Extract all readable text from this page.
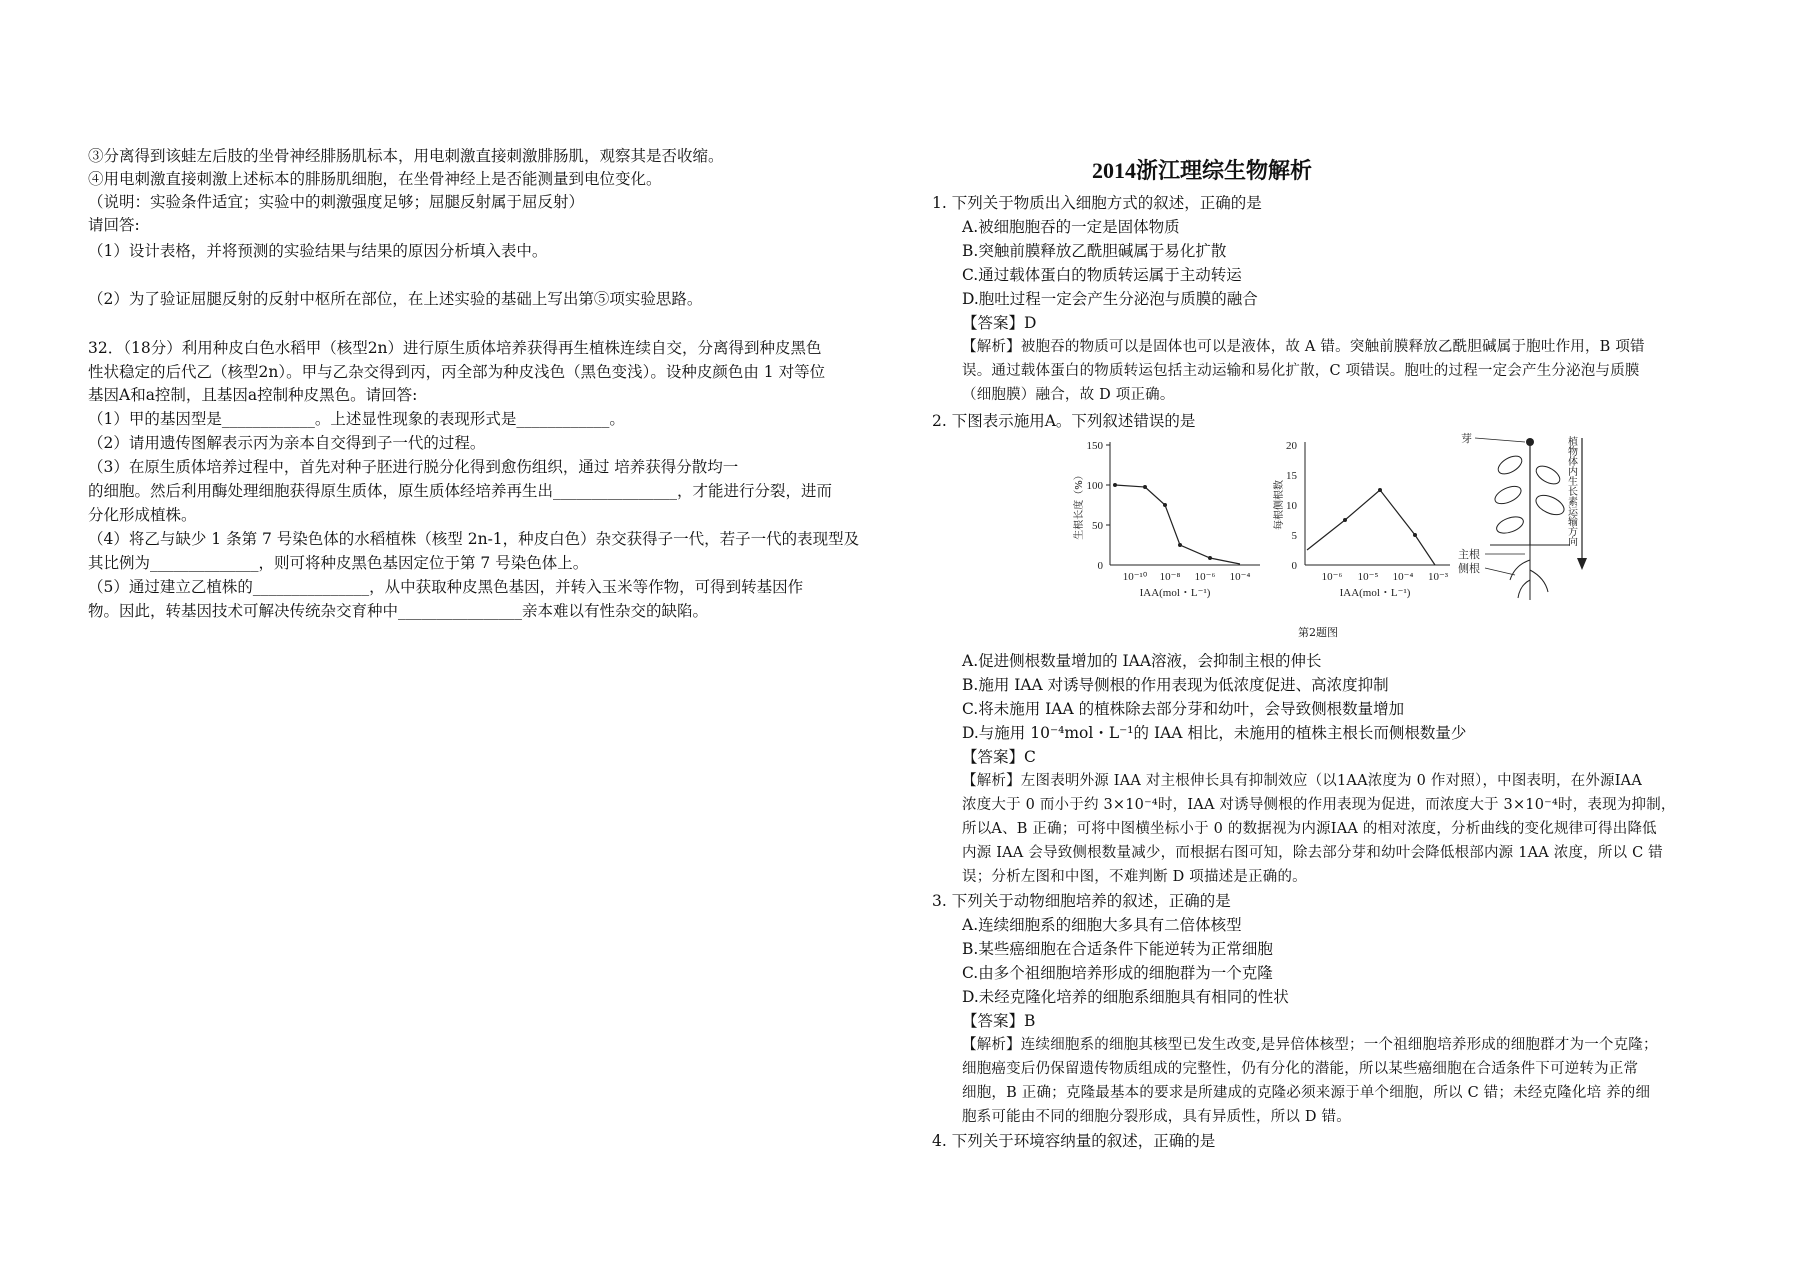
③分离得到该蛙左后肢的坐骨神经腓肠肌标本，用电刺激直接刺激腓肠肌，观察其是否收缩。
④用电刺激直接刺激上述标本的腓肠肌细胞，在坐骨神经上是否能测量到电位变化。
（说明：实验条件适宜；实验中的刺激强度足够；屈腿反射属于屈反射）
请回答:
（1）设计表格，并将预测的实验结果与结果的原因分析填入表中。
（2）为了验证屈腿反射的反射中枢所在部位，在上述实验的基础上写出第⑤项实验思路。
32．（18分）利用种皮白色水稻甲（核型2n）进行原生质体培养获得再生植株连续自交，分离得到种皮黑色
性状稳定的后代乙（核型2n）。甲与乙杂交得到丙，丙全部为种皮浅色（黑色变浅）。设种皮颜色由 1 对等位
基因A和a控制，且基因a控制种皮黑色。请回答:
（1）甲的基因型是____________。上述显性现象的表现形式是____________。
（2）请用遗传图解表示丙为亲本自交得到子一代的过程。
（3）在原生质体培养过程中，首先对种子胚进行脱分化得到愈伤组织，通过 培养获得分散均一
的细胞。然后利用酶处理细胞获得原生质体，原生质体经培养再生出________________，才能进行分裂，进而
分化形成植株。
（4）将乙与缺少 1 条第 7 号染色体的水稻植株（核型 2n-1，种皮白色）杂交获得子一代，若子一代的表现型及
其比例为______________，则可将种皮黑色基因定位于第 7 号染色体上。
（5）通过建立乙植株的_______________，从中获取种皮黑色基因，并转入玉米等作物，可得到转基因作
物。因此，转基因技术可解决传统杂交育种中________________亲本难以有性杂交的缺陷。
2014浙江理综生物解析
1. 下列关于物质出入细胞方式的叙述，正确的是
A.被细胞胞吞的一定是固体物质
B.突触前膜释放乙酰胆碱属于易化扩散
C.通过载体蛋白的物质转运属于主动转运
D.胞吐过程一定会产生分泌泡与质膜的融合
【答案】D
【解析】被胞吞的物质可以是固体也可以是液体，故 A 错。突触前膜释放乙酰胆碱属于胞吐作用，B 项错
误。通过载体蛋白的物质转运包括主动运输和易化扩散，C 项错误。胞吐的过程一定会产生分泌泡与质膜
（细胞膜）融合，故 D 项正确。
2. 下图表示施用A。下列叙述错误的是
150
100
50
0
10⁻¹⁰ 10⁻⁸ 10⁻⁶ 10⁻⁴
IAA(mol・L⁻¹)
生根长度（%）
20
15
10
5
0
10⁻⁶ 10⁻⁵ 10⁻⁴ 10⁻³
IAA(mol・L⁻¹)
每根侧根数
芽
主根
侧根
植物体内生长素运输方向
第2题图
A.促进侧根数量增加的 IAA溶液，会抑制主根的伸长
B.施用 IAA 对诱导侧根的作用表现为低浓度促进、高浓度抑制
C.将未施用 IAA 的植株除去部分芽和幼叶，会导致侧根数量增加
D.与施用 10⁻⁴mol・L⁻¹的 IAA 相比，未施用的植株主根长而侧根数量少
【答案】C
【解析】左图表明外源 IAA 对主根伸长具有抑制效应（以1AA浓度为 0 作对照），中图表明，在外源IAA
浓度大于 0 而小于约 3×10⁻⁴时，IAA 对诱导侧根的作用表现为促进，而浓度大于 3×10⁻⁴时，表现为抑制，
所以A、B 正确；可将中图横坐标小于 0 的数据视为内源IAA 的相对浓度，分析曲线的变化规律可得出降低
内源 IAA 会导致侧根数量减少，而根据右图可知，除去部分芽和幼叶会降低根部内源 1AA 浓度，所以 C 错
误；分析左图和中图，不难判断 D 项描述是正确的。
3. 下列关于动物细胞培养的叙述，正确的是
A.连续细胞系的细胞大多具有二倍体核型
B.某些癌细胞在合适条件下能逆转为正常细胞
C.由多个祖细胞培养形成的细胞群为一个克隆
D.未经克隆化培养的细胞系细胞具有相同的性状
【答案】B
【解析】连续细胞系的细胞其核型已发生改变,是异倍体核型；一个祖细胞培养形成的细胞群才为一个克隆；
细胞癌变后仍保留遗传物质组成的完整性，仍有分化的潜能，所以某些癌细胞在合适条件下可逆转为正常
细胞，B 正确；克隆最基本的要求是所建成的克隆必须来源于单个细胞，所以 C 错；未经克隆化培 养的细
胞系可能由不同的细胞分裂形成，具有异质性，所以 D 错。
4. 下列关于环境容纳量的叙述，正确的是
